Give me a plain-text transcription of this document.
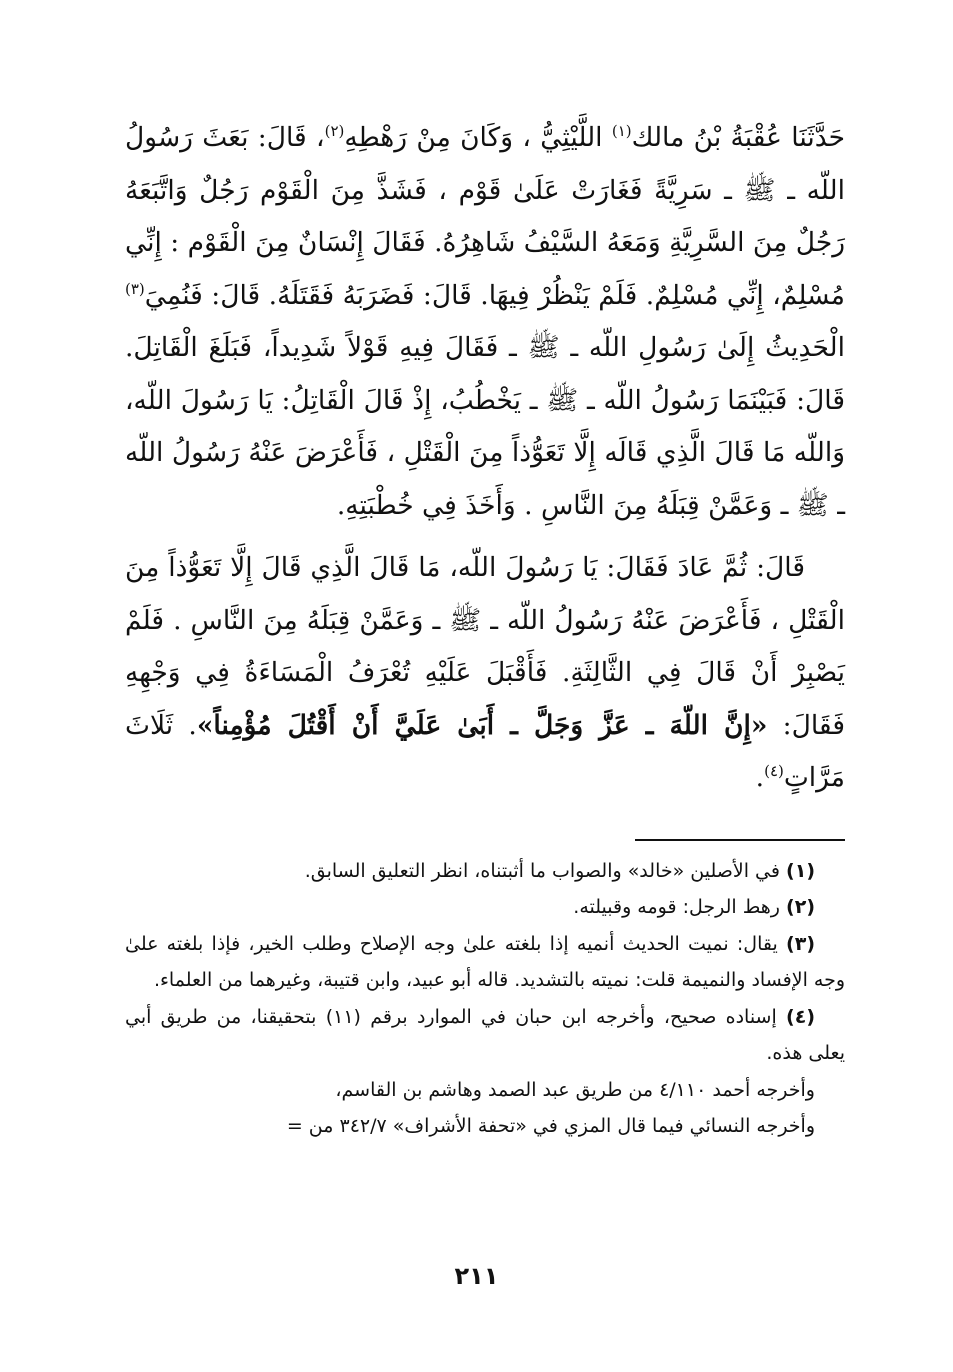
حَدَّثَنَا عُقْبَةُ بْنُ مالك$^{(١)}$ اللَّيْثِيُّ ، وَكَانَ مِنْ رَهْطِهِ$^{(٢)}$، قَالَ: بَعَثَ رَسُولُ اللّه ـ ﷺ ـ سَرِيَّةً فَغَارَتْ عَلَىٰ قَوْم ، فَشَذَّ مِنَ الْقَوْم رَجُلٌ وَاتَّبَعَهُ رَجُلٌ مِنَ السَّرِيَّةِ وَمَعَهُ السَّيْفُ شَاهِرُهُ. فَقَالَ إِنْسَانٌ مِنَ الْقَوْم : إِنِّي مُسْلِمٌ، إِنِّي مُسْلِمٌ. فَلَمْ يَنْظُرْ فِيهَا. قَالَ: فَضَرَبَهُ فَقَتَلَهُ. قَالَ: فَنُمِيَ$^{(٣)}$ الْحَدِيثُ إِلَىٰ رَسُولِ اللّه ـ ﷺ ـ فَقَالَ فِيهِ قَوْلاً شَدِيداً، فَبَلَغَ الْقَاتِلَ. قَالَ: فَبَيْنَمَا رَسُولُ اللّه ـ ﷺ ـ يَخْطُبُ، إِذْ قَالَ الْقَاتِلُ: يَا رَسُولَ اللّه، وَاللّه مَا قَالَ الَّذِي قَالَه إِلَّا تَعَوُّذاً مِنَ الْقَتْلِ ، فَأَعْرَضَ عَنْهُ رَسُولُ اللّه ـ ﷺ ـ وَعَمَّنْ قِبَلَهُ مِنَ النَّاسِ . وَأَخَذَ فِي خُطْبَتِهِ.

قَالَ: ثُمَّ عَادَ فَقَالَ: يَا رَسُولَ اللّه، مَا قَالَ الَّذِي قَالَ إِلَّا تَعَوُّذاً مِنَ الْقَتْلِ ، فَأَعْرَضَ عَنْهُ رَسُولُ اللّه ـ ﷺ ـ وَعَمَّنْ قِبَلَهُ مِنَ النَّاسِ . فَلَمْ يَصْبِرْ أَنْ قَالَ فِي الثَّالِثَةِ. فَأَقْبَلَ عَلَيْهِ تُعْرَفُ الْمَسَاءَةُ فِي وَجْهِهِ فَقَالَ: «إِنَّ اللّهَ ـ عَزَّ وَجَلَّ ـ أَبَىٰ عَلَيَّ أَنْ أَقْتُلَ مُؤْمِناً». ثَلَاثَ مَرَّاتٍ$^{(٤)}$.

(١) في الأصلين «خالد» والصواب ما أثبتناه، انظر التعليق السابق.

(٢) رهط الرجل: قومه وقبيلته.

(٣) يقال: نميت الحديث أنميه إذا بلغته علىٰ وجه الإصلاح وطلب الخير، فإذا بلغته علىٰ وجه الإفساد والنميمة قلت: نميته بالتشديد. قاله أبو عبيد، وابن قتيبة، وغيرهما من العلماء.

(٤) إسناده صحيح، وأخرجه ابن حبان في الموارد برقم (١١) بتحقيقنا، من طريق أبي يعلى هذه.

وأخرجه أحمد ٤/١١٠ من طريق عبد الصمد وهاشم بن القاسم،

وأخرجه النسائي فيما قال المزي في «تحفة الأشراف» ٣٤٢/٧ من =

٢١١
